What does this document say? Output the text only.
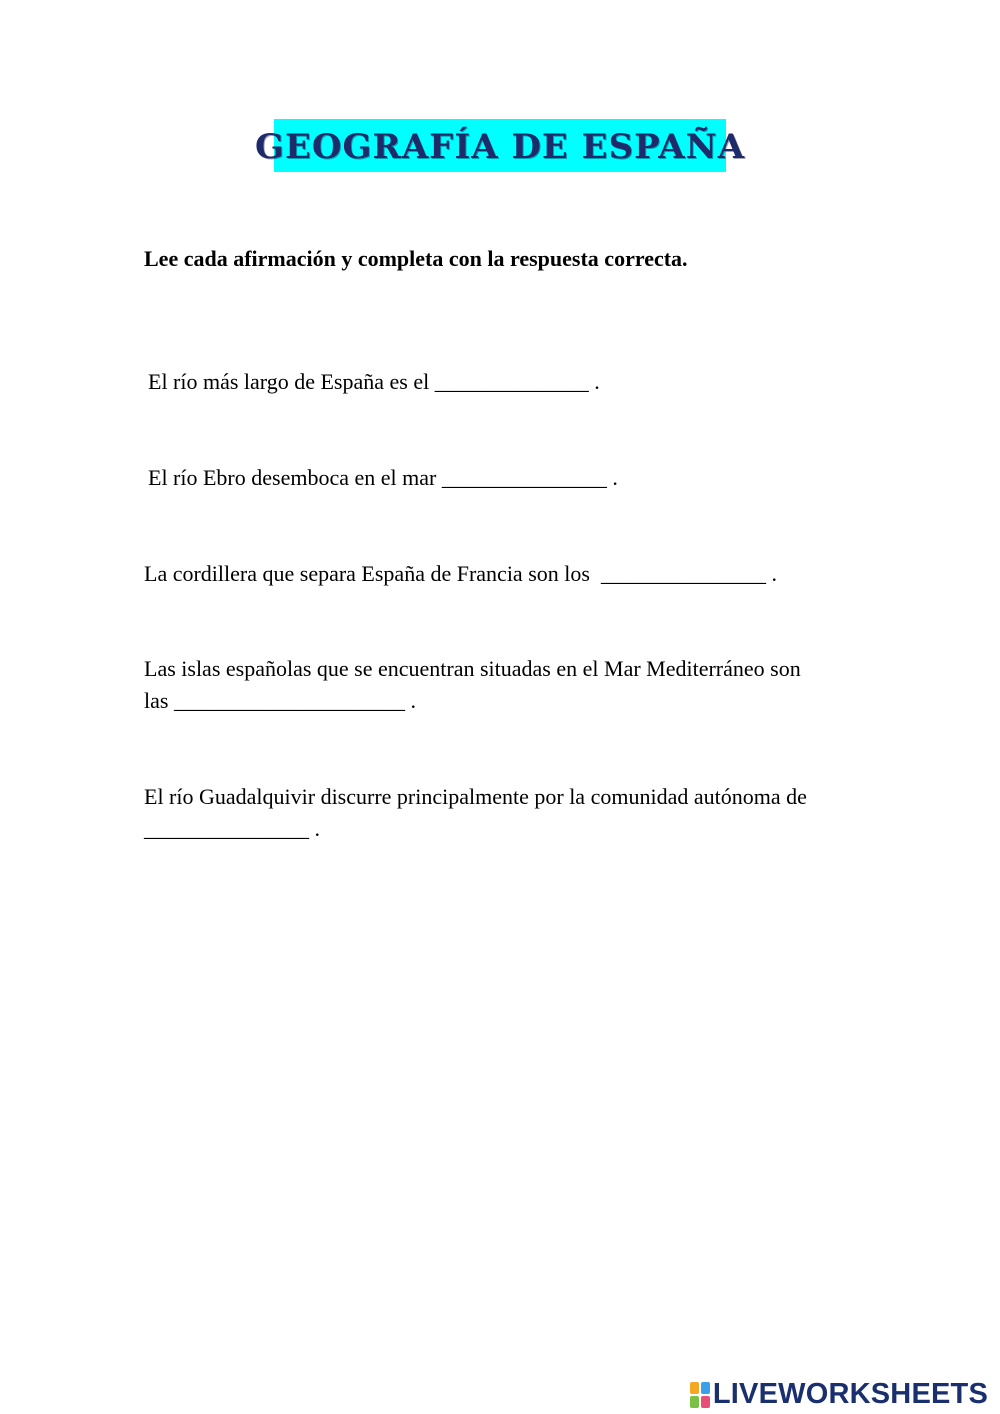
GEOGRAFÍA DE ESPAÑA
Lee cada afirmación y completa con la respuesta correcta.
El río más largo de España es el ______________ .
El río Ebro desemboca en el mar _______________ .
La cordillera que separa España de Francia son los  _______________ .
Las islas españolas que se encuentran situadas en el Mar Mediterráneo son
las _____________________ .
El río Guadalquivir discurre principalmente por la comunidad autónoma de
_______________ .
LIVEWORKSHEETS
